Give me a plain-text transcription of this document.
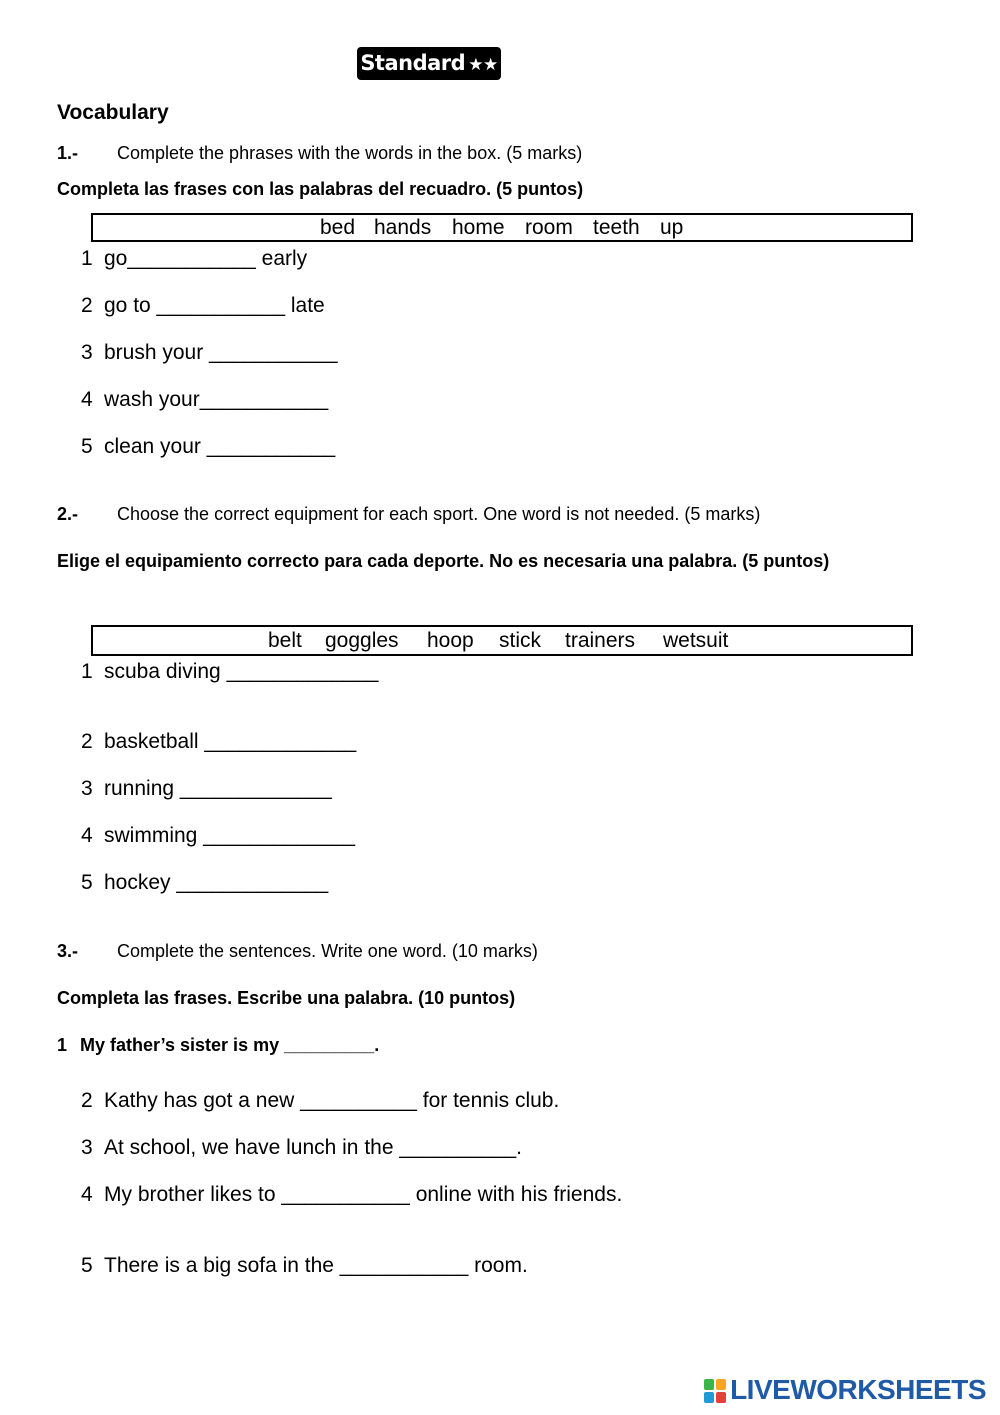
Standard ★★
Vocabulary
1.- Complete the phrases with the words in the box. (5 marks)
Completa las frases con las palabras del recuadro. (5 puntos)
bed hands home room teeth up
1 go___________ early
2 go to ___________ late
3 brush your ___________
4 wash your___________
5 clean your ___________
2.- Choose the correct equipment for each sport. One word is not needed. (5 marks)
Elige el equipamiento correcto para cada deporte. No es necesaria una palabra. (5 puntos)
belt goggles hoop stick trainers wetsuit
1 scuba diving _____________
2 basketball _____________
3 running _____________
4 swimming _____________
5 hockey _____________
3.- Complete the sentences. Write one word. (10 marks)
Completa las frases. Escribe una palabra. (10 puntos)
1 My father’s sister is my _________.
2 Kathy has got a new __________ for tennis club.
3 At school, we have lunch in the __________.
4 My brother likes to ___________ online with his friends.
5 There is a big sofa in the ___________ room.
LIVEWORKSHEETS
